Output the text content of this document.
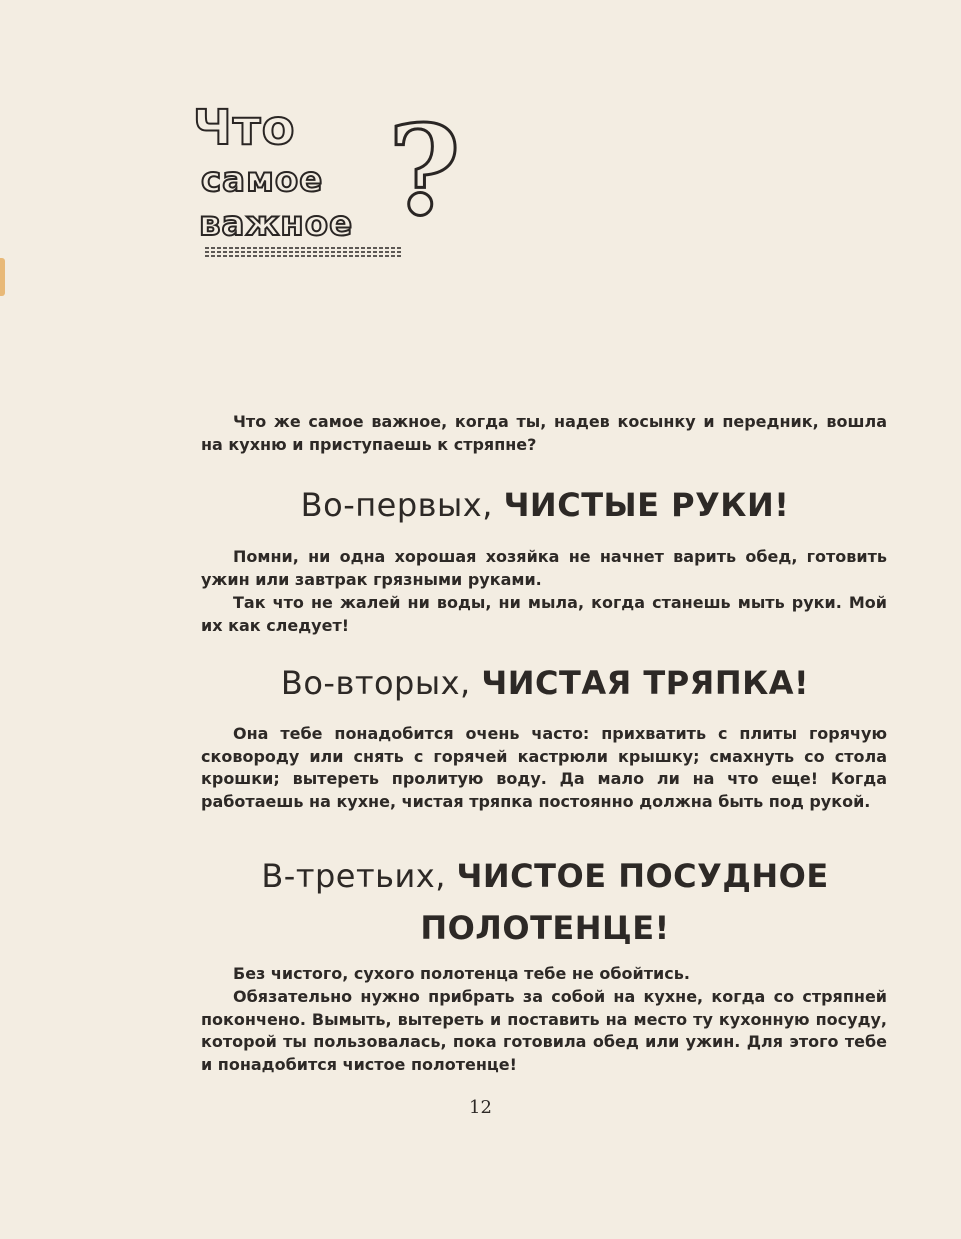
Что
самое
важное ?

Что же самое важное, когда ты, надев косынку и передник, вошла на кухню и приступаешь к стряпне?

Во-первых, ЧИСТЫЕ РУКИ!

Помни, ни одна хорошая хозяйка не начнет варить обед, готовить ужин или завтрак грязными руками.

Так что не жалей ни воды, ни мыла, когда станешь мыть руки. Мой их как следует!

Во-вторых, ЧИСТАЯ ТРЯПКА!

Она тебе понадобится очень часто: прихватить с плиты горячую сковороду или снять с горячей кастрюли крышку; смахнуть со стола крошки; вытереть пролитую воду. Да мало ли на что еще! Когда работаешь на кухне, чистая тряпка постоянно должна быть под рукой.

В-третьих, ЧИСТОЕ ПОСУДНОЕ ПОЛОТЕНЦЕ!

Без чистого, сухого полотенца тебе не обойтись.

Обязательно нужно прибрать за собой на кухне, когда со стряпней покончено. Вымыть, вытереть и поставить на место ту кухонную посуду, которой ты пользовалась, пока готовила обед или ужин. Для этого тебе и понадобится чистое полотенце!

12
